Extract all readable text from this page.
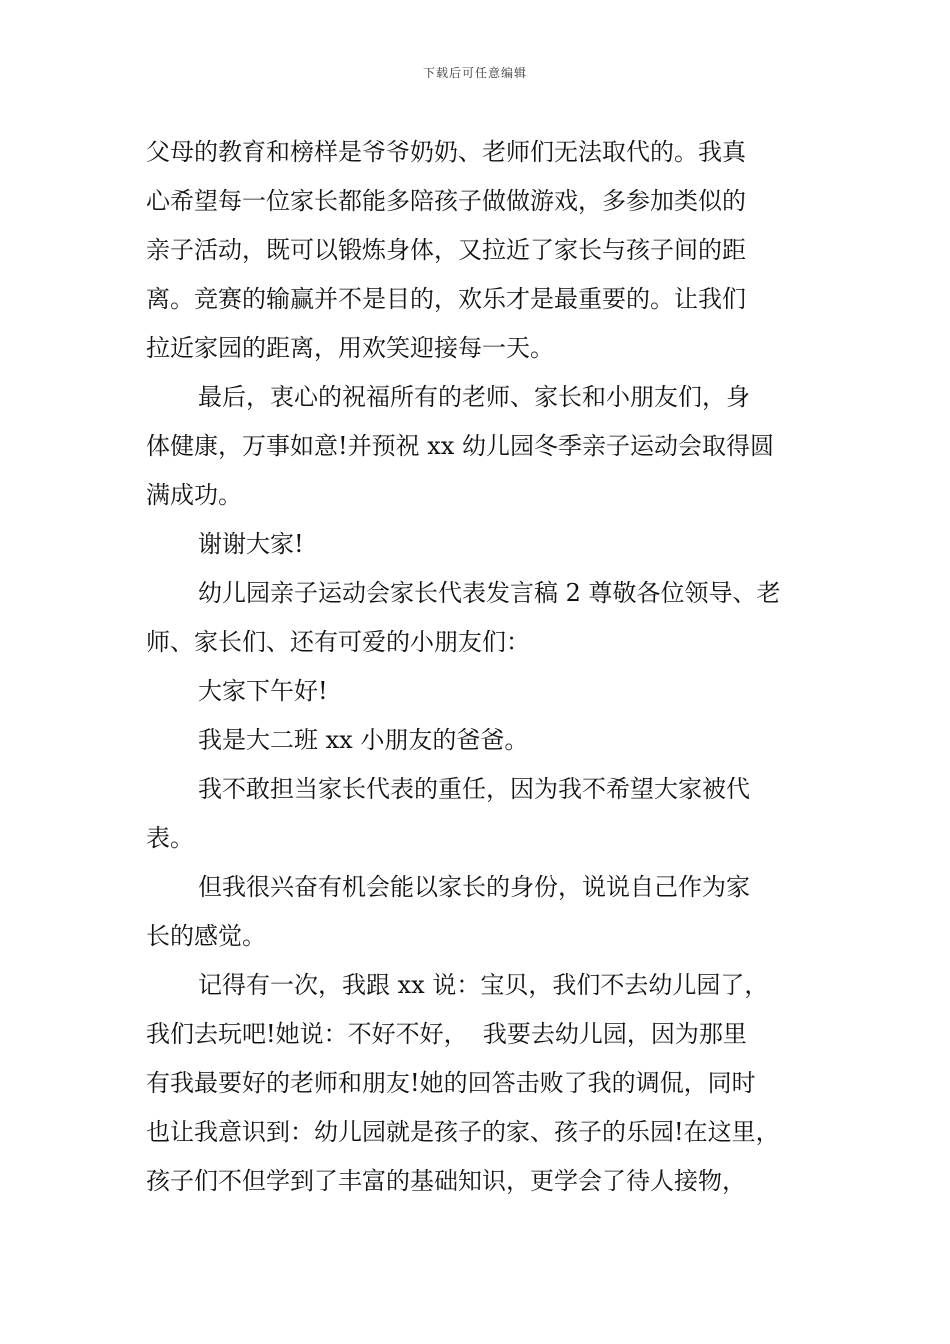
下载后可任意编辑
父母的教育和榜样是爷爷奶奶、老师们无法取代的。我真
心希望每一位家长都能多陪孩子做做游戏，多参加类似的
亲子活动，既可以锻炼身体，又拉近了家长与孩子间的距
离。竞赛的输赢并不是目的，欢乐才是最重要的。让我们
拉近家园的距离，用欢笑迎接每一天。
最后，衷心的祝福所有的老师、家长和小朋友们，身
体健康，万事如意!并预祝 xx 幼儿园冬季亲子运动会取得圆
满成功。
谢谢大家!
幼儿园亲子运动会家长代表发言稿 2 尊敬各位领导、老
师、家长们、还有可爱的小朋友们：
大家下午好!
我是大二班 xx 小朋友的爸爸。
我不敢担当家长代表的重任，因为我不希望大家被代
表。
但我很兴奋有机会能以家长的身份，说说自己作为家
长的感觉。
记得有一次，我跟 xx 说：宝贝，我们不去幼儿园了，
我们去玩吧!她说：不好不好，  我要去幼儿园，因为那里
有我最要好的老师和朋友!她的回答击败了我的调侃，同时
也让我意识到：幼儿园就是孩子的家、孩子的乐园!在这里，
孩子们不但学到了丰富的基础知识，更学会了待人接物，
